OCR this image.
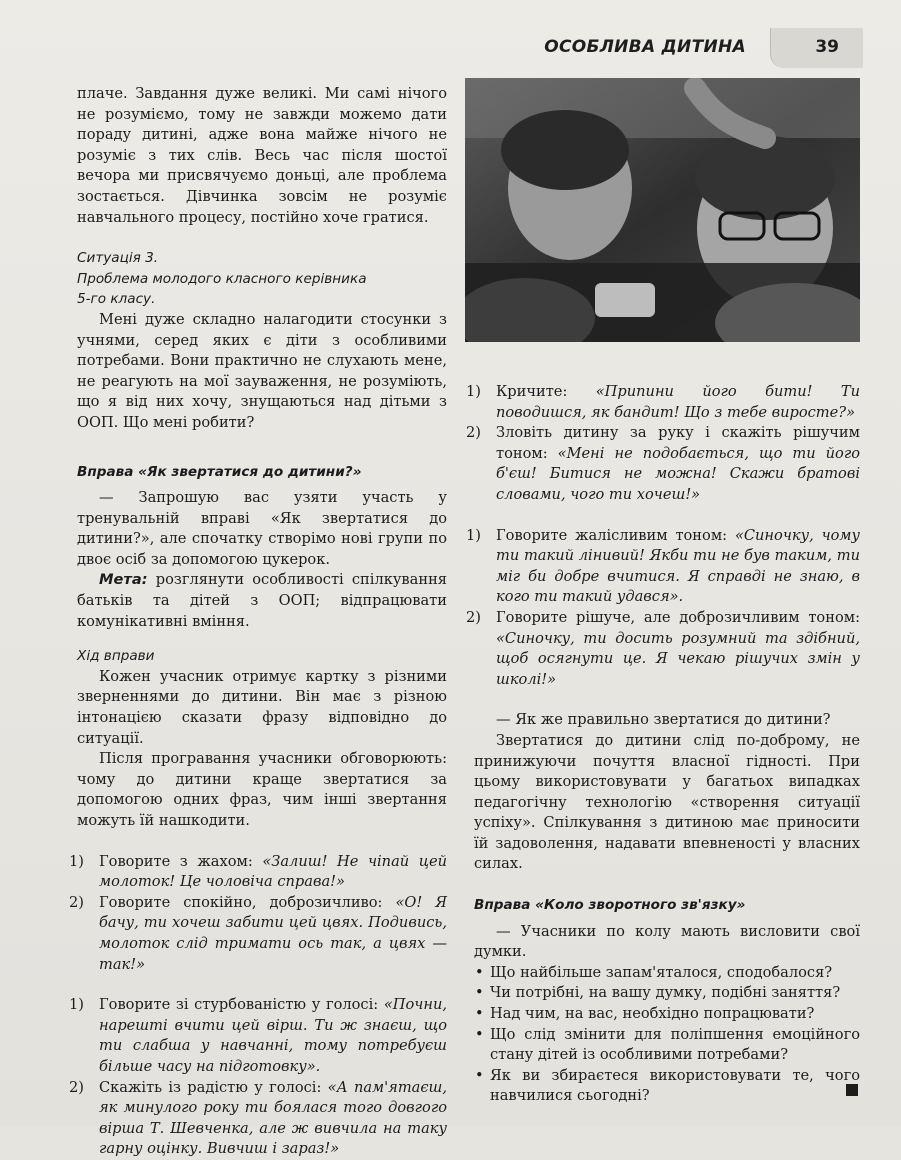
ОСОБЛИВА ДИТИНА	39

плаче. Завдання дуже великі. Ми самі нічого не розуміємо, тому не завжди можемо дати пораду дитині, адже вона майже нічого не розуміє з тих слів. Весь час після шостої вечора ми присвячуємо доньці, але проблема зостається. Дівчинка зовсім не розуміє навчального процесу, постійно хоче гратися.

Ситуація 3.
Проблема молодого класного керівника
5-го класу.

Мені дуже складно налагодити стосунки з учнями, серед яких є діти з особливими потребами. Вони практично не слухають мене, не реагують на мої зауваження, не розуміють, що я від них хочу, знущаються над дітьми з ООП. Що мені робити?

Вправа «Як звертатися до дитини?»

— Запрошую вас узяти участь у тренувальній вправі «Як звертатися до дитини?», але спочатку створімо нові групи по двоє осіб за допомогою цукерок.

Мета: розглянути особливості спілкування батьків та дітей з ООП; відпрацювати комунікативні вміння.

Хід вправи

Кожен учасник отримує картку з різними зверненнями до дитини. Він має з різною інтонацією сказати фразу відповідно до ситуації.

Після програвання учасники обговорюють: чому до дитини краще звертатися за допомогою одних фраз, чим інші звертання можуть їй нашкодити.

1) Говорите з жахом: «Залиш! Не чіпай цей молоток! Це чоловіча справа!»
2) Говорите спокійно, доброзичливо: «О! Я бачу, ти хочеш забити цей цвях. Подивись, молоток слід тримати ось так, а цвях — так!»
1) Говорите зі стурбованістю у голосі: «Почни, нарешті вчити цей вірш. Ти ж знаєш, що ти слабша у навчанні, тому потребуєш більше часу на підготовку».
2) Скажіть із радістю у голосі: «А пам'ятаєш, як минулого року ти боялася того довгого вірша Т. Шевченка, але ж вивчила на таку гарну оцінку. Вивчиш і зараз!»
1) Кричите: «Припини його бити! Ти поводишся, як бандит! Що з тебе виросте?»
2) Зловіть дитину за руку і скажіть рішучим тоном: «Мені не подобається, що ти його б'єш! Битися не можна! Скажи братові словами, чого ти хочеш!»
1) Говорите жалісливим тоном: «Синочку, чому ти такий лінивий! Якби ти не був таким, ти міг би добре вчитися. Я справді не знаю, в кого ти такий удався».
2) Говорите рішуче, але доброзичливим тоном: «Синочку, ти досить розумний та здібний, щоб осягнути це. Я чекаю рішучих змін у школі!»

— Як же правильно звертатися до дитини?

Звертатися до дитини слід по-доброму, не принижуючи почуття власної гідності. При цьому використовувати у багатьох випадках педагогічну технологію «створення ситуації успіху». Спілкування з дитиною має приносити їй задоволення, надавати впевненості у власних силах.

Вправа «Коло зворотного зв'язку»

— Учасники по колу мають висловити свої думки.

• Що найбільше запам'яталося, сподобалося?
• Чи потрібні, на вашу думку, подібні заняття?
• Над чим, на вас, необхідно попрацювати?
• Що слід змінити для поліпшення емоційного стану дітей із особливими потребами?
• Як ви збираєтеся використовувати те, чого навчилися сьогодні?
